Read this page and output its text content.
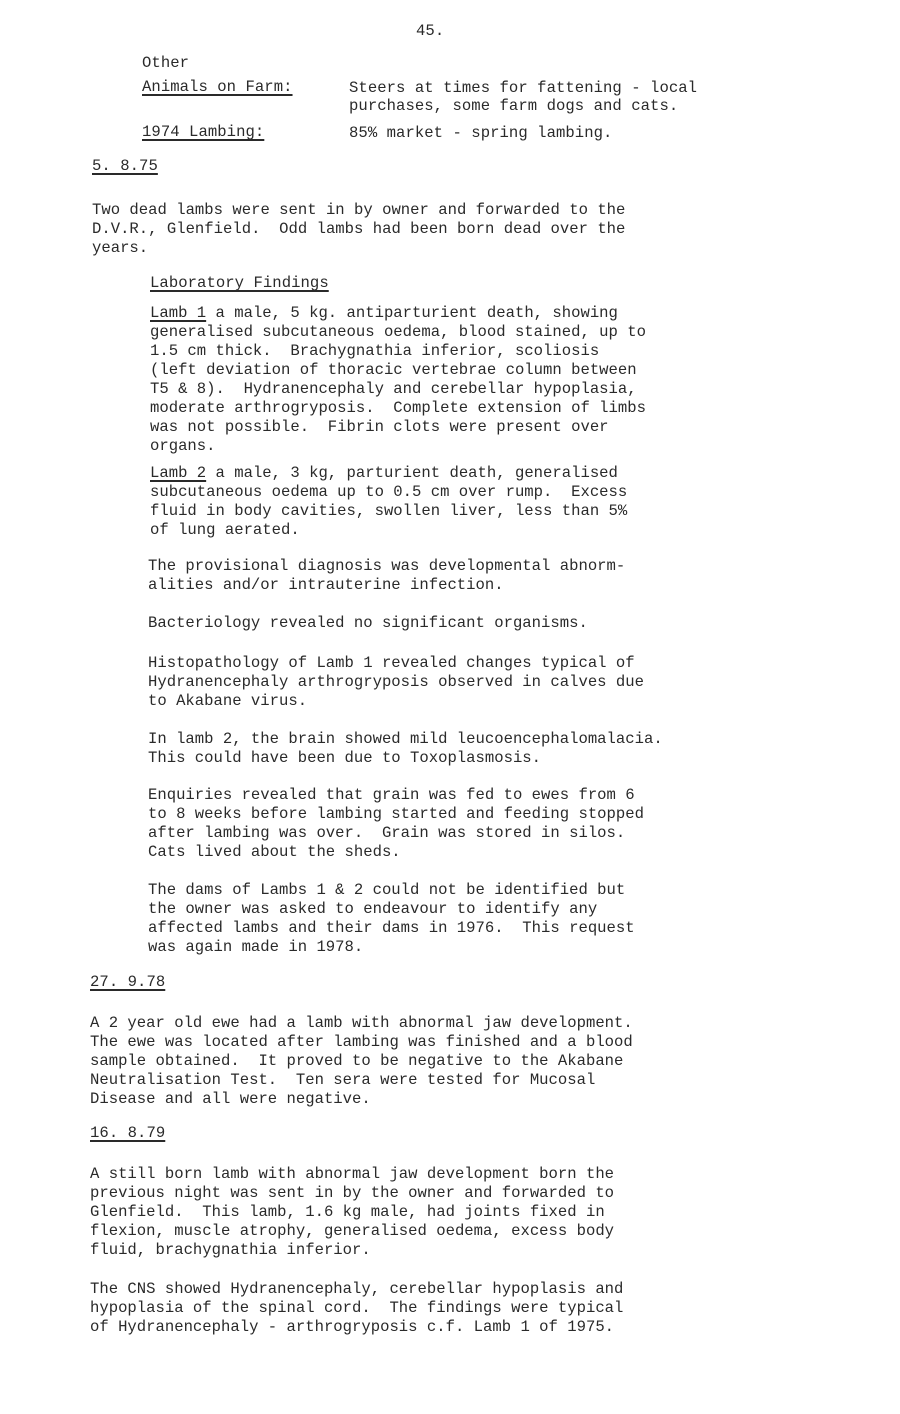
45.
Other
Animals on Farm:	Steers at times for fattening - local
purchases, some farm dogs and cats.
1974 Lambing:	85% market - spring lambing.
5. 8.75
Two dead lambs were sent in by owner and forwarded to the
D.V.R., Glenfield.  Odd lambs had been born dead over the
years.
Laboratory Findings
Lamb 1 a male, 5 kg. antiparturient death, showing
generalised subcutaneous oedema, blood stained, up to
1.5 cm thick.  Brachygnathia inferior, scoliosis
(left deviation of thoracic vertebrae column between
T5 & 8).  Hydranencephaly and cerebellar hypoplasia,
moderate arthrogryposis.  Complete extension of limbs
was not possible.  Fibrin clots were present over
organs.
Lamb 2 a male, 3 kg, parturient death, generalised
subcutaneous oedema up to 0.5 cm over rump.  Excess
fluid in body cavities, swollen liver, less than 5%
of lung aerated.
The provisional diagnosis was developmental abnorm-
alities and/or intrauterine infection.
Bacteriology revealed no significant organisms.
Histopathology of Lamb 1 revealed changes typical of
Hydranencephaly arthrogryposis observed in calves due
to Akabane virus.
In lamb 2, the brain showed mild leucoencephalomalacia.
This could have been due to Toxoplasmosis.
Enquiries revealed that grain was fed to ewes from 6
to 8 weeks before lambing started and feeding stopped
after lambing was over.  Grain was stored in silos.
Cats lived about the sheds.
The dams of Lambs 1 & 2 could not be identified but
the owner was asked to endeavour to identify any
affected lambs and their dams in 1976.  This request
was again made in 1978.
27. 9.78
A 2 year old ewe had a lamb with abnormal jaw development.
The ewe was located after lambing was finished and a blood
sample obtained.  It proved to be negative to the Akabane
Neutralisation Test.  Ten sera were tested for Mucosal
Disease and all were negative.
16. 8.79
A still born lamb with abnormal jaw development born the
previous night was sent in by the owner and forwarded to
Glenfield.  This lamb, 1.6 kg male, had joints fixed in
flexion, muscle atrophy, generalised oedema, excess body
fluid, brachygnathia inferior.
The CNS showed Hydranencephaly, cerebellar hypoplasis and
hypoplasia of the spinal cord.  The findings were typical
of Hydranencephaly - arthrogryposis c.f. Lamb 1 of 1975.
